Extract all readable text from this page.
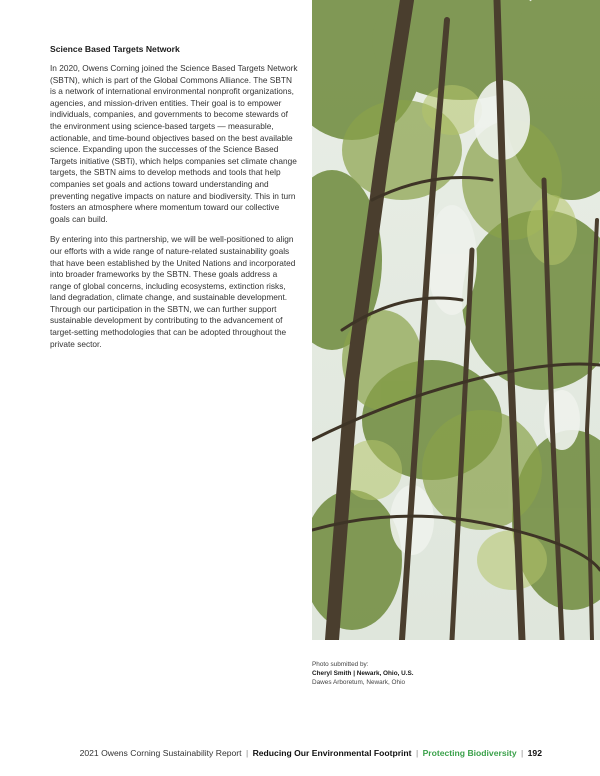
Science Based Targets Network

In 2020, Owens Corning joined the Science Based Targets Network (SBTN), which is part of the Global Commons Alliance. The SBTN is a network of international environmental nonprofit organizations, agencies, and mission-driven entities. Their goal is to empower individuals, companies, and governments to become stewards of the environment using science-based targets — measurable, actionable, and time-bound objectives based on the best available science. Expanding upon the successes of the Science Based Targets initiative (SBTi), which helps companies set climate change targets, the SBTN aims to develop methods and tools that help companies set goals and actions toward understanding and preventing negative impacts on nature and biodiversity. This in turn fosters an atmosphere where momentum toward our collective goals can build.

By entering into this partnership, we will be well-positioned to align our efforts with a wide range of nature-related sustainability goals that have been established by the United Nations and incorporated into broader frameworks by the SBTN. These goals address a range of global concerns, including ecosystems, extinction risks, land degradation, climate change, and sustainable development. Through our participation in the SBTN, we can further support sustainable development by contributing to the advancement of target-setting methodologies that can be adopted throughout the private sector.

Photo submitted by:
Cheryl Smith | Newark, Ohio, U.S.
Dawes Arboretum, Newark, Ohio
2021 Owens Corning Sustainability Report | Reducing Our Environmental Footprint | Protecting Biodiversity | 192
